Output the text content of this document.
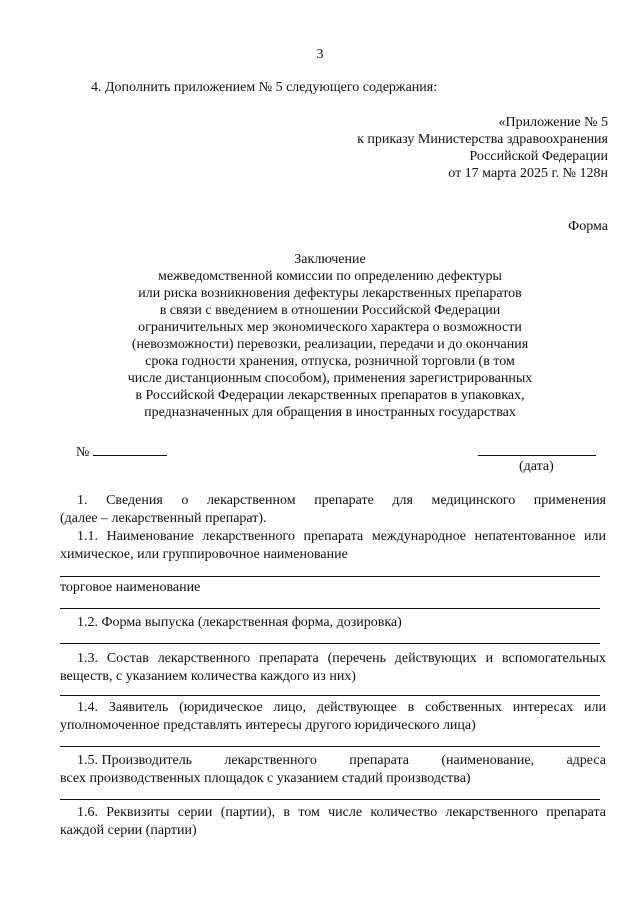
3
4. Дополнить приложением № 5 следующего содержания:
«Приложение № 5
к приказу Министерства здравоохранения
Российской Федерации
от 17 марта 2025 г. № 128н
Форма
Заключение
межведомственной комиссии по определению дефектуры
или риска возникновения дефектуры лекарственных препаратов
в связи с введением в отношении Российской Федерации
ограничительных мер экономического характера о возможности
(невозможности) перевозки, реализации, передачи и до окончания
срока годности хранения, отпуска, розничной торговли (в том
числе дистанционным способом), применения зарегистрированных
в Российской Федерации лекарственных препаратов в упаковках,
предназначенных для обращения в иностранных государствах
№
(дата)
1. Сведения о лекарственном препарате для медицинского применения
(далее – лекарственный препарат).
1.1. Наименование лекарственного препарата международное непатентованное или
химическое, или группировочное наименование
торговое наименование
1.2. Форма выпуска (лекарственная форма, дозировка)
1.3. Состав лекарственного препарата (перечень действующих и вспомогательных
веществ, с указанием количества каждого из них)
1.4. Заявитель (юридическое лицо, действующее в собственных интересах или
уполномоченное представлять интересы другого юридического лица)
1.5. Производитель лекарственного препарата (наименование, адреса
всех производственных площадок с указанием стадий производства)
1.6. Реквизиты серии (партии), в том числе количество лекарственного препарата
каждой серии (партии)
